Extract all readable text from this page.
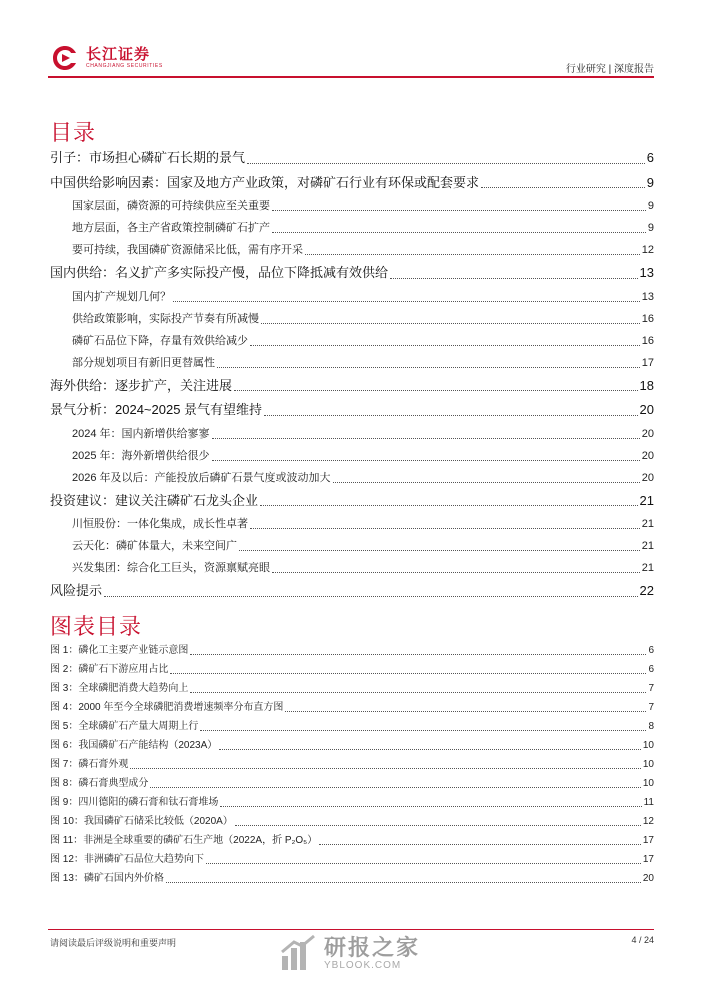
长江证券
CHANGJIANG SECURITIES	行业研究 | 深度报告
目录
引子：市场担心磷矿石长期的景气	6
中国供给影响因素：国家及地方产业政策，对磷矿石行业有环保或配套要求	9
国家层面，磷资源的可持续供应至关重要	9
地方层面，各主产省政策控制磷矿石扩产	9
要可持续，我国磷矿资源储采比低，需有序开采	12
国内供给：名义扩产多实际投产慢，品位下降抵减有效供给	13
国内扩产规划几何？	13
供给政策影响，实际投产节奏有所减慢	16
磷矿石品位下降，存量有效供给减少	16
部分规划项目有新旧更替属性	17
海外供给：逐步扩产，关注进展	18
景气分析：2024~2025 景气有望维持	20
2024 年：国内新增供给寥寥	20
2025 年：海外新增供给很少	20
2026 年及以后：产能投放后磷矿石景气度或波动加大	20
投资建议：建议关注磷矿石龙头企业	21
川恒股份：一体化集成，成长性卓著	21
云天化：磷矿体量大，未来空间广	21
兴发集团：综合化工巨头，资源禀赋亮眼	21
风险提示	22
图表目录
图 1：磷化工主要产业链示意图	6
图 2：磷矿石下游应用占比	6
图 3：全球磷肥消费大趋势向上	7
图 4：2000 年至今全球磷肥消费增速频率分布直方图	7
图 5：全球磷矿石产量大周期上行	8
图 6：我国磷矿石产能结构（2023A）	10
图 7：磷石膏外观	10
图 8：磷石膏典型成分	10
图 9：四川德阳的磷石膏和钛石膏堆场	11
图 10：我国磷矿石储采比较低（2020A）	12
图 11：非洲是全球重要的磷矿石生产地（2022A，折 P₂O₅）	17
图 12：非洲磷矿石品位大趋势向下	17
图 13：磷矿石国内外价格	20
请阅读最后评级说明和重要声明	研报之家
YBLOOK.COM
4 / 24
